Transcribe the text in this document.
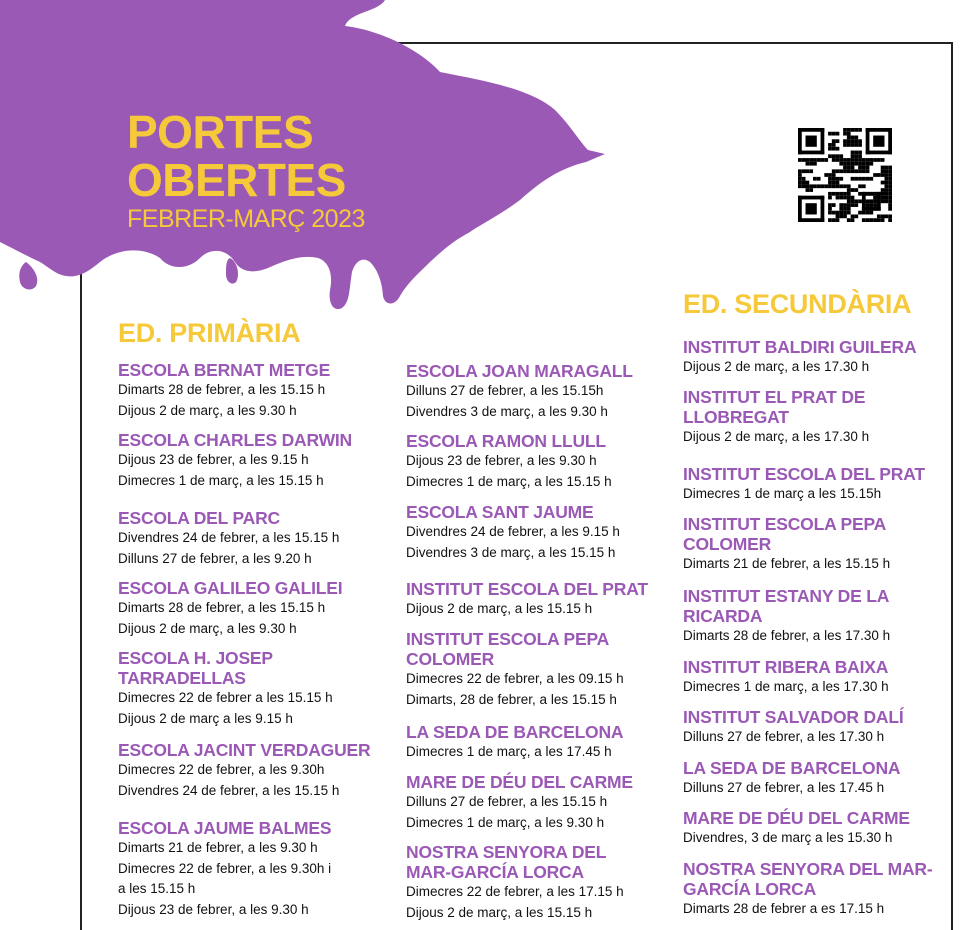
PORTES
OBERTES
FEBRER-MARÇ 2023
ED. PRIMÀRIA
ED. SECUNDÀRIA
ESCOLA BERNAT METGE
Dimarts 28 de febrer, a les 15.15 h
Dijous 2 de març, a les 9.30 h
ESCOLA CHARLES DARWIN
Dijous 23 de febrer, a les 9.15 h
Dimecres 1 de març, a les 15.15 h
ESCOLA DEL PARC
Divendres 24 de febrer, a les 15.15 h
Dilluns 27 de febrer, a les 9.20 h
ESCOLA GALILEO GALILEI
Dimarts 28 de febrer, a les 15.15 h
Dijous 2 de març, a les 9.30 h
ESCOLA H. JOSEP TARRADELLAS
Dimecres 22 de febrer a les 15.15 h
Dijous 2 de març a les 9.15 h
ESCOLA JACINT VERDAGUER
Dimecres 22 de febrer, a les 9.30h
Divendres 24 de febrer, a les 15.15 h
ESCOLA JAUME BALMES
Dimarts 21 de febrer, a les 9.30 h
Dimecres 22 de febrer, a les 9.30h i
a les 15.15 h
Dijous 23 de febrer, a les 9.30 h
ESCOLA JOAN MARAGALL
Dilluns 27 de febrer, a les 15.15h
Divendres 3 de març, a les 9.30 h
ESCOLA RAMON LLULL
Dijous 23 de febrer, a les 9.30 h
Dimecres 1 de març, a les 15.15 h
ESCOLA SANT JAUME
Divendres 24 de febrer, a les 9.15 h
Divendres 3 de març, a les 15.15 h
INSTITUT ESCOLA DEL PRAT
Dijous 2 de març, a les 15.15 h
INSTITUT ESCOLA PEPA COLOMER
Dimecres 22 de febrer, a les 09.15 h
Dimarts, 28 de febrer, a les 15.15 h
LA SEDA DE BARCELONA
Dimecres 1 de març, a les 17.45 h
MARE DE DÉU DEL CARME
Dilluns 27 de febrer, a les 15.15 h
Dimecres 1 de març, a les 9.30 h
NOSTRA SENYORA DEL MAR-GARCÍA LORCA
Dimecres 22 de febrer, a les 17.15 h
Dijous 2 de març, a les 15.15 h
INSTITUT BALDIRI GUILERA
Dijous 2 de març, a les 17.30 h
INSTITUT EL PRAT DE LLOBREGAT
Dijous 2 de març, a les 17.30 h
INSTITUT ESCOLA DEL PRAT
Dimecres 1 de març a les 15.15h
INSTITUT ESCOLA PEPA COLOMER
Dimarts 21 de febrer, a les 15.15 h
INSTITUT ESTANY DE LA RICARDA
Dimarts 28 de febrer, a les 17.30 h
INSTITUT RIBERA BAIXA
Dimecres 1 de març, a les 17.30 h
INSTITUT SALVADOR DALÍ
Dilluns 27 de febrer, a les 17.30 h
LA SEDA DE BARCELONA
Dilluns 27 de febrer, a les 17.45 h
MARE DE DÉU DEL CARME
Divendres, 3 de març a les 15.30 h
NOSTRA SENYORA DEL MAR-GARCÍA LORCA
Dimarts 28 de febrer a es 17.15 h
